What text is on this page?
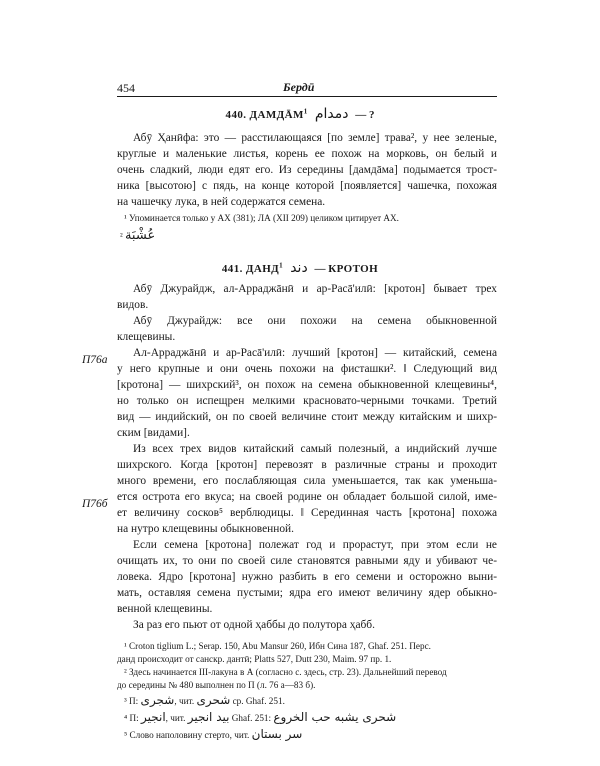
454	Бердӣ
440. ДАМДĀМ$^1$ دمدام — ?
Абӯ Ҳанӣфа: это — расстилающаяся [по земле] трава², у нее зеленые,
круглые и маленькие листья, корень ее похож на морковь, он белый и
очень сладкий, люди едят его. Из середины [дамдāма] подымается трост-
ника [высотою] с пядь, на конце которой [появляется] чашечка, похожая
на чашечку лука, в ней содержатся семена.
¹ Упоминается только у АХ (381); ЛА (XII 209) целиком цитирует АХ.
² عُشْبَة
441. ДАНД$^1$ دند — КРОТОН
Абӯ Джурайдж, ал-Арраджāнӣ и ар-Расā'илӣ: [кротон] бывает трех
видов.
Абӯ Джурайдж: все они похожи на семена обыкновенной
клещевины.
Ал-Арраджāнӣ и ар-Расā'илӣ: лучший [кротон] — китайский, семена
у него крупные и они очень похожи на фисташки². ‖ Следующий вид
[кротона] — шихрский³, он похож на семена обыкновенной клещевины⁴,
но только он испещрен мелкими красновато-черными точками. Третий
вид — индийский, он по своей величине стоит между китайским и шихр-
ским [видами].
Из всех трех видов китайский самый полезный, а индийский лучше
шихрского. Когда [кротон] перевозят в различные страны и проходит
много времени, его послабляющая сила уменьшается, так как уменьша-
ется острота его вкуса; на своей родине он обладает большой силой, име-
ет величину сосков⁵ верблюдицы. ‖ Серединная часть [кротона] похожа
на нутро клещевины обыкновенной.
Если семена [кротона] полежат год и прорастут, при этом если не
очищать их, то они по своей силе становятся равными яду и убивают че-
ловека. Ядро [кротона] нужно разбить в его семени и осторожно выни-
мать, оставляя семена пустыми; ядра его имеют величину ядер обыкно-
венной клещевины.
За раз его пьют от одной ҳаббы до полутора ҳабб.
П76а
П76б
¹ Croton tiglium L.; Serap. 150, Abu Mansur 260, Ибн Сина 187, Ghaf. 251. Перс.
данд происходит от санскр. дантӣ; Platts 527, Dutt 230, Maim. 97 пр. 1.
² Здесь начинается III-лакуна в А (согласно с. здесь, стр. 23). Дальнейший перевод
до середины № 480 выполнен по П (л. 76 а—83 б).
³ П: شجرى, чит. شحرى ср. Ghaf. 251.
⁴ П: انجير, чит. بيد انجير Ghaf. 251: شحرى يشبه حب الخروع
⁵ Слово наполовину стерто, чит. سر بستان
